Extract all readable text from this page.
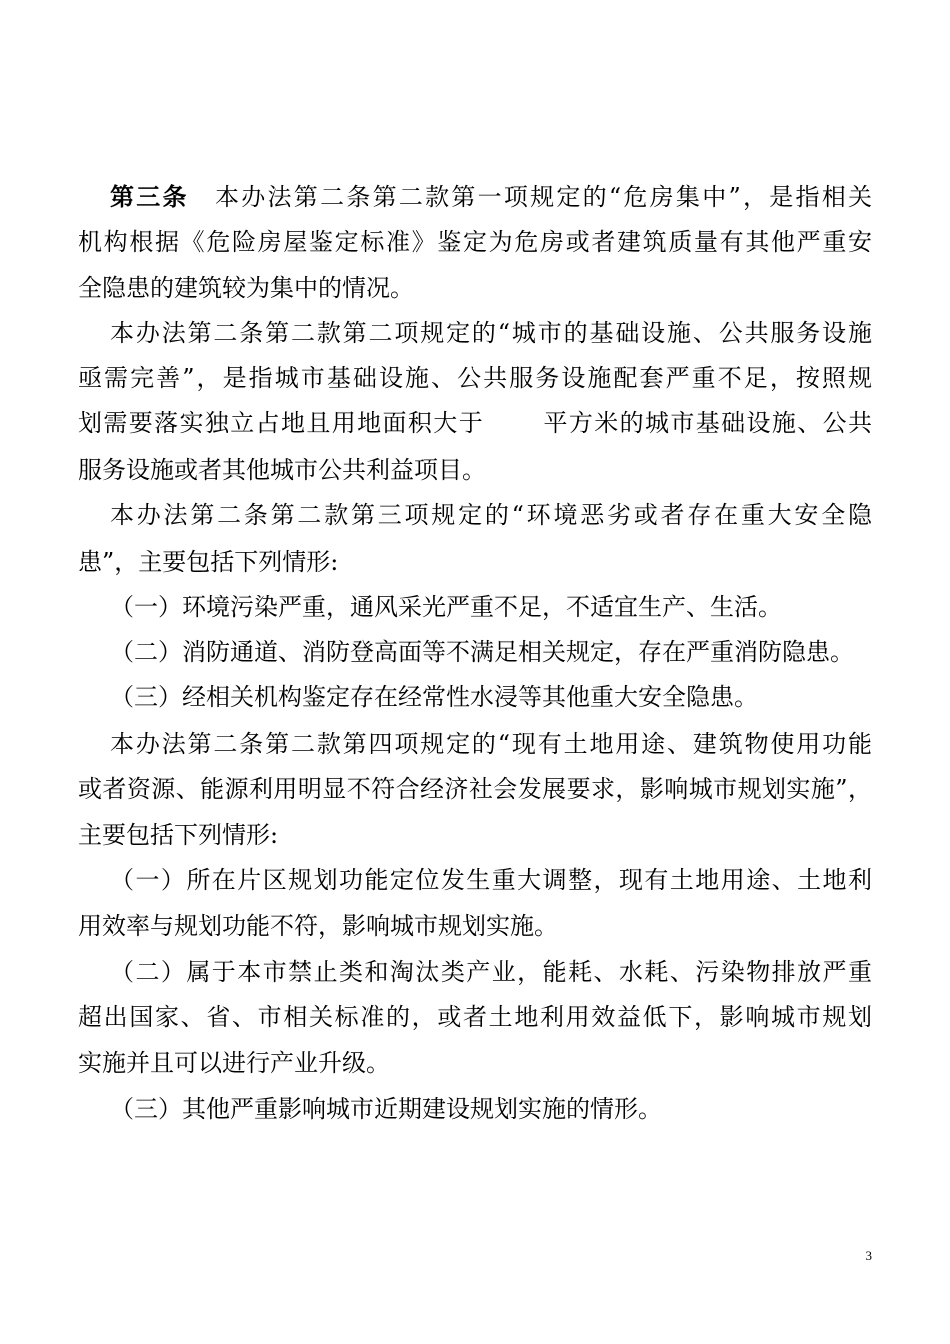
第三条 本办法第二条第二款第一项规定的“危房集中”，是指相关
机构根据《危险房屋鉴定标准》鉴定为危房或者建筑质量有其他严重安
全隐患的建筑较为集中的情况。
本办法第二条第二款第二项规定的“城市的基础设施、公共服务设施
亟需完善”，是指城市基础设施、公共服务设施配套严重不足，按照规
划需要落实独立占地且用地面积大于 平方米的城市基础设施、公共
服务设施或者其他城市公共利益项目。
本办法第二条第二款第三项规定的“环境恶劣或者存在重大安全隐
患”，主要包括下列情形:
（一）环境污染严重，通风采光严重不足，不适宜生产、生活。
（二）消防通道、消防登高面等不满足相关规定，存在严重消防隐患。
（三）经相关机构鉴定存在经常性水浸等其他重大安全隐患。
本办法第二条第二款第四项规定的“现有土地用途、建筑物使用功能
或者资源、能源利用明显不符合经济社会发展要求，影响城市规划实施”，
主要包括下列情形:
（一）所在片区规划功能定位发生重大调整，现有土地用途、土地利
用效率与规划功能不符，影响城市规划实施。
（二）属于本市禁止类和淘汰类产业，能耗、水耗、污染物排放严重
超出国家、省、市相关标准的，或者土地利用效益低下，影响城市规划
实施并且可以进行产业升级。
（三）其他严重影响城市近期建设规划实施的情形。
3
